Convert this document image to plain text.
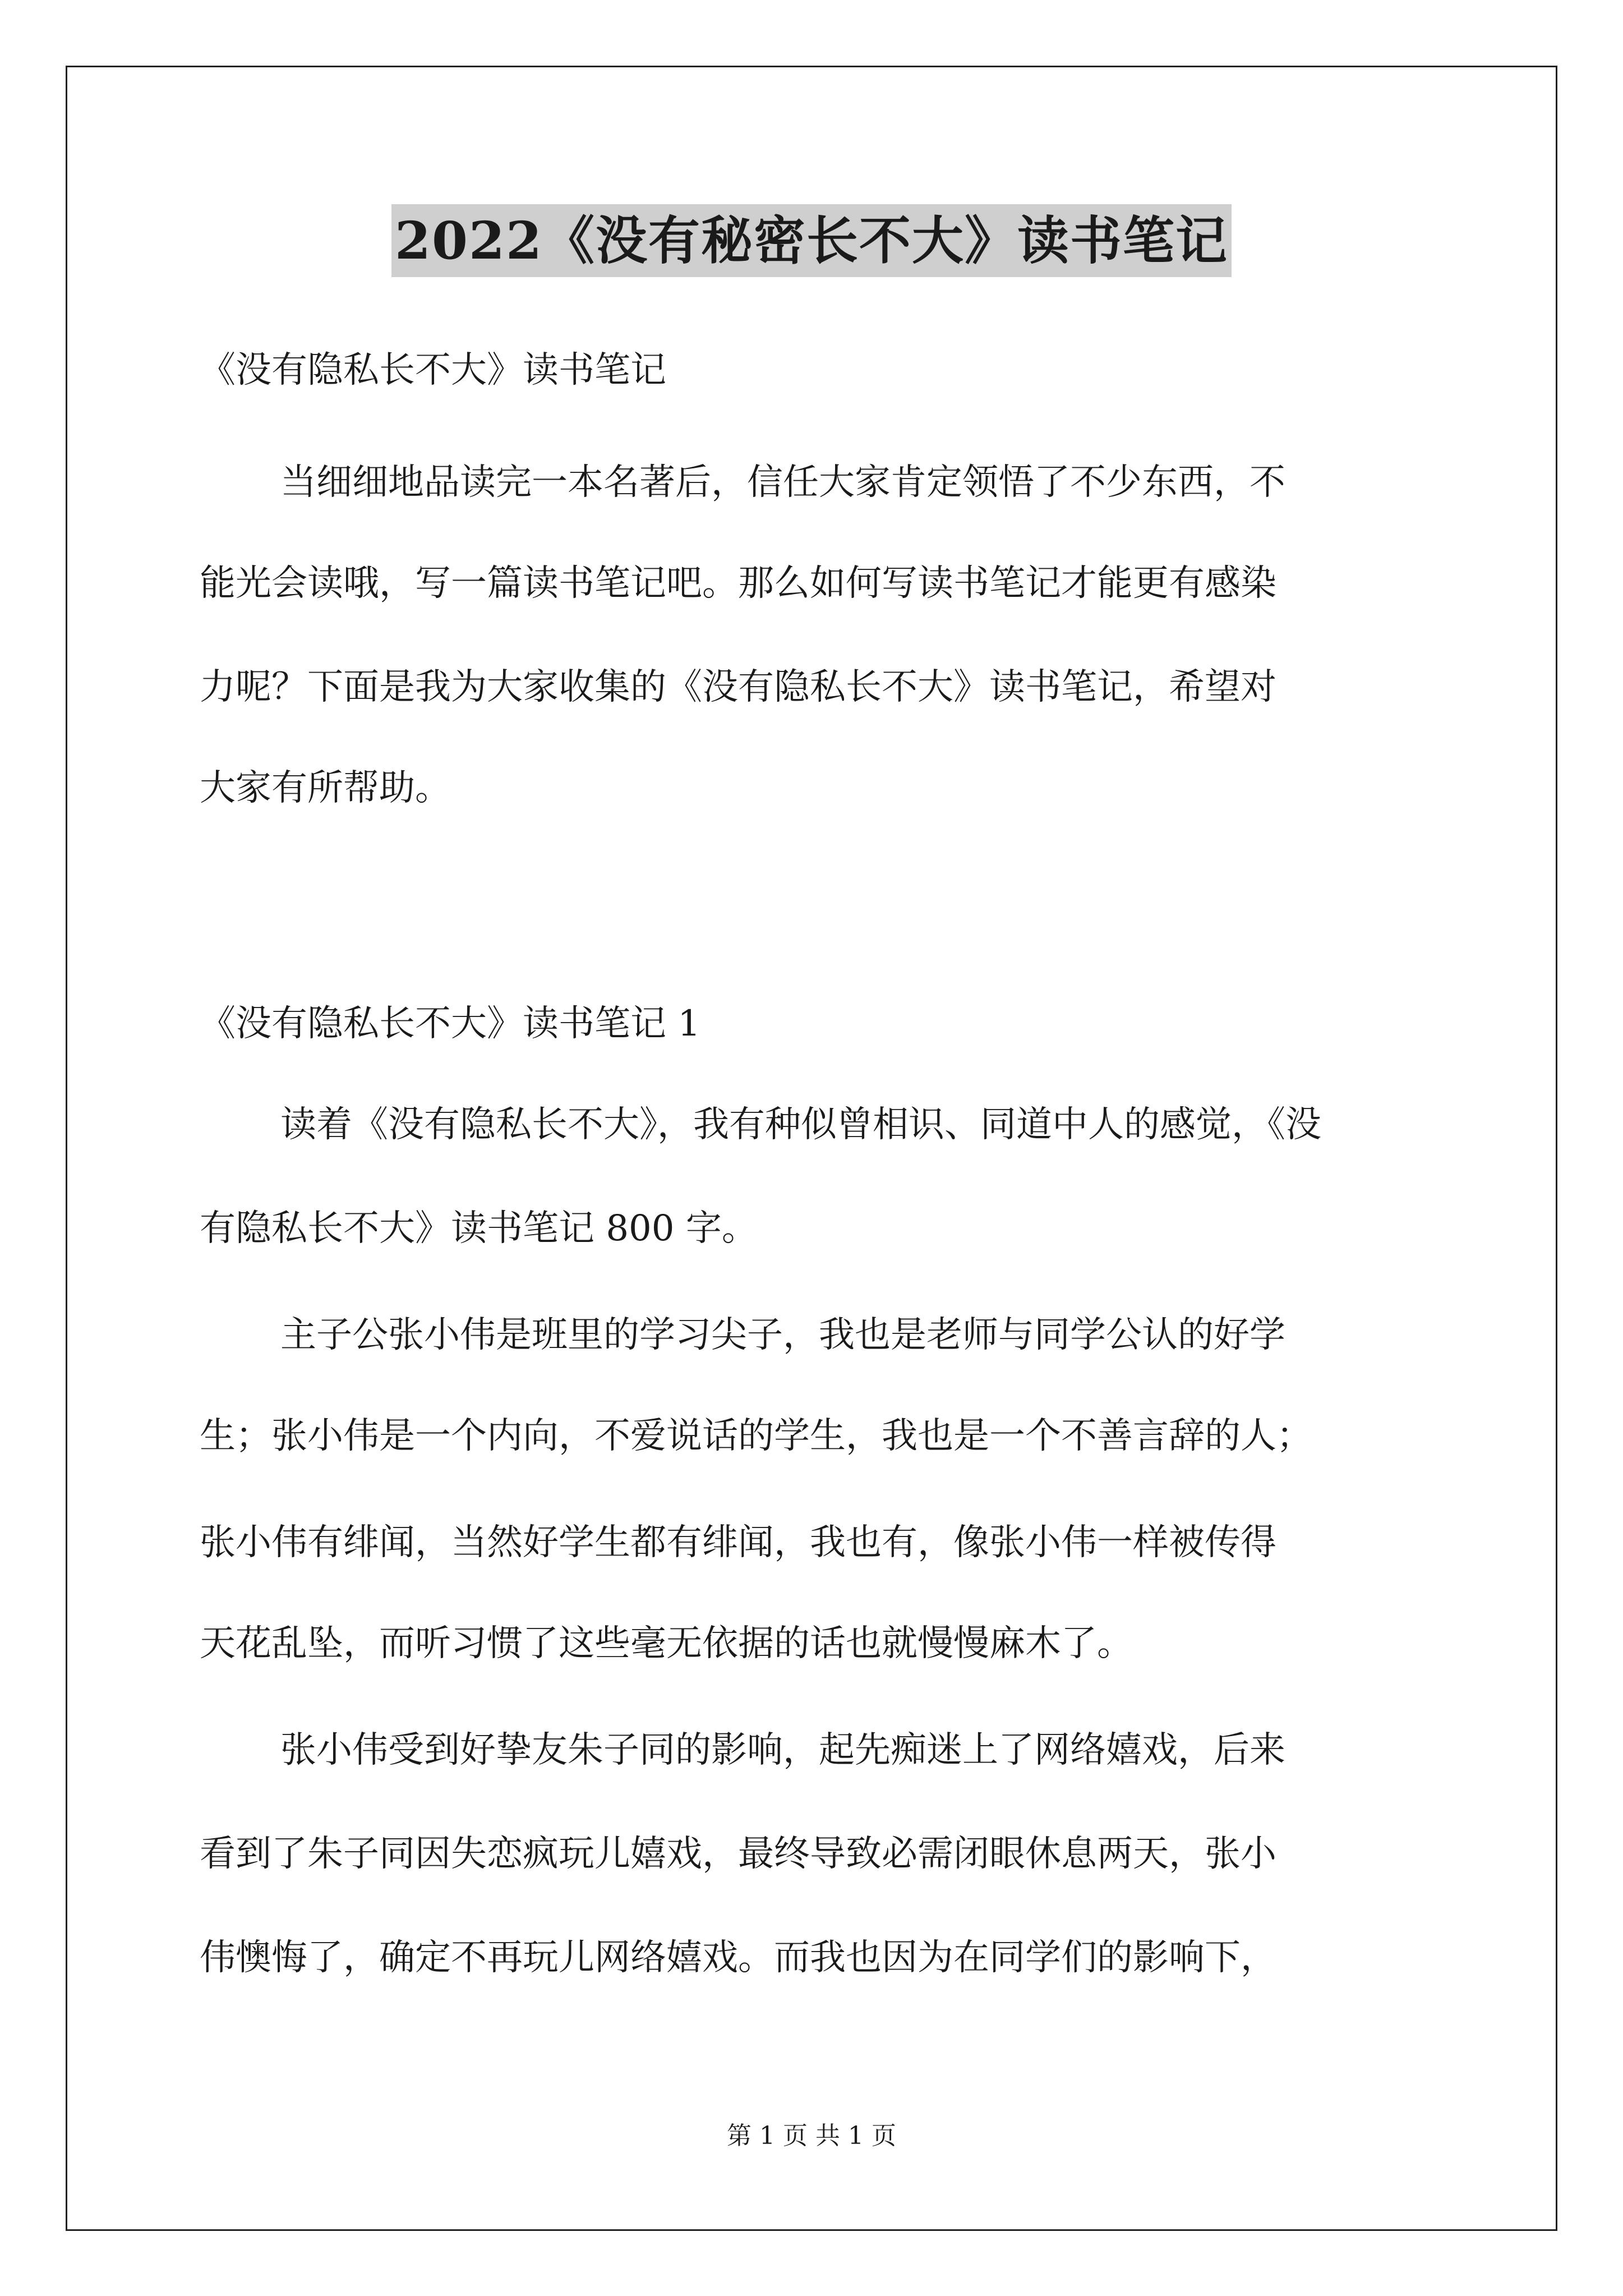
2022《没有秘密长不大》读书笔记
《没有隐私长不大》读书笔记
当细细地品读完一本名著后，信任大家肯定领悟了不少东西，不
能光会读哦，写一篇读书笔记吧。那么如何写读书笔记才能更有感染
力呢？下面是我为大家收集的《没有隐私长不大》读书笔记，希望对
大家有所帮助。
《没有隐私长不大》读书笔记 1
读着《没有隐私长不大》，我有种似曾相识、同道中人的感觉，《没
有隐私长不大》读书笔记 800 字。
主子公张小伟是班里的学习尖子，我也是老师与同学公认的好学
生；张小伟是一个内向，不爱说话的学生，我也是一个不善言辞的人；
张小伟有绯闻，当然好学生都有绯闻，我也有，像张小伟一样被传得
天花乱坠，而听习惯了这些毫无依据的话也就慢慢麻木了。
张小伟受到好挚友朱子同的影响，起先痴迷上了网络嬉戏，后来
看到了朱子同因失恋疯玩儿嬉戏，最终导致必需闭眼休息两天，张小
伟懊悔了，确定不再玩儿网络嬉戏。而我也因为在同学们的影响下，
第 1 页 共 1 页
